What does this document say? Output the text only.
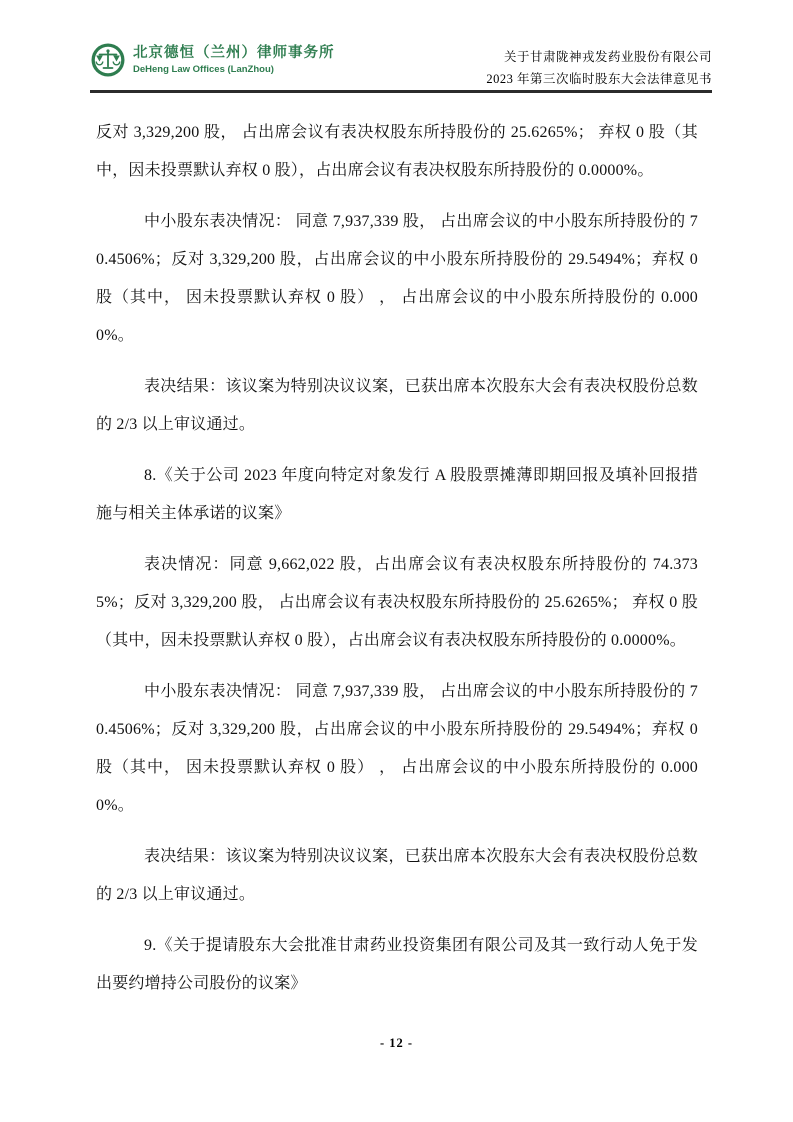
北京德恒（兰州）律师事务所
DeHeng Law Offices (LanZhou)
关于甘肃陇神戎发药业股份有限公司
2023 年第三次临时股东大会法律意见书

反对 3,329,200 股， 占出席会议有表决权股东所持股份的 25.6265%； 弃权 0 股（其中，因未投票默认弃权 0 股），占出席会议有表决权股东所持股份的 0.0000%。

中小股东表决情况： 同意 7,937,339 股， 占出席会议的中小股东所持股份的 70.4506%；反对 3,329,200 股，占出席会议的中小股东所持股份的 29.5494%；弃权 0 股（其中， 因未投票默认弃权 0 股） ， 占出席会议的中小股东所持股份的 0.0000%。

表决结果：该议案为特别决议议案，已获出席本次股东大会有表决权股份总数的 2/3 以上审议通过。

8.《关于公司 2023 年度向特定对象发行 A 股股票摊薄即期回报及填补回报措施与相关主体承诺的议案》

表决情况：同意 9,662,022 股，占出席会议有表决权股东所持股份的 74.3735%；反对 3,329,200 股， 占出席会议有表决权股东所持股份的 25.6265%； 弃权 0 股（其中，因未投票默认弃权 0 股），占出席会议有表决权股东所持股份的 0.0000%。

中小股东表决情况： 同意 7,937,339 股， 占出席会议的中小股东所持股份的 70.4506%；反对 3,329,200 股，占出席会议的中小股东所持股份的 29.5494%；弃权 0 股（其中， 因未投票默认弃权 0 股） ， 占出席会议的中小股东所持股份的 0.0000%。

表决结果：该议案为特别决议议案，已获出席本次股东大会有表决权股份总数的 2/3 以上审议通过。

9.《关于提请股东大会批准甘肃药业投资集团有限公司及其一致行动人免于发出要约增持公司股份的议案》

- 12 -
